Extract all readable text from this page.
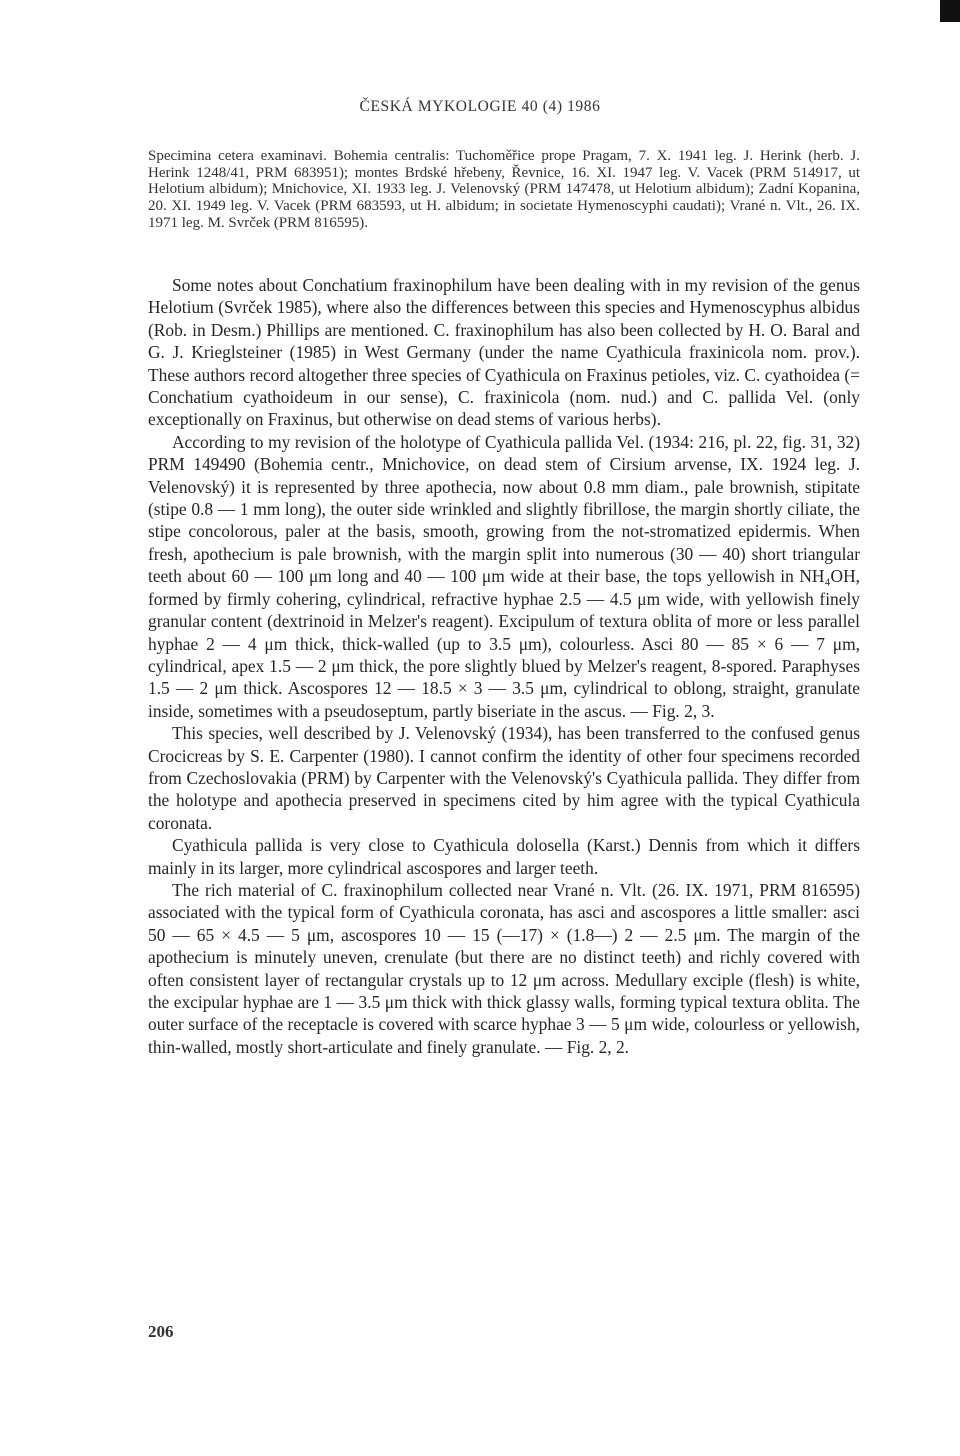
ČESKÁ MYKOLOGIE 40 (4) 1986
Specimina cetera examinavi. Bohemia centralis: Tuchoměřice prope Pragam, 7. X. 1941 leg. J. Herink (herb. J. Herink 1248/41, PRM 683951); montes Brdské hřebeny, Řevnice, 16. XI. 1947 leg. V. Vacek (PRM 514917, ut Helotium albidum); Mnichovice, XI. 1933 leg. J. Velenovský (PRM 147478, ut Helotium albidum); Zadní Kopanina, 20. XI. 1949 leg. V. Vacek (PRM 683593, ut H. albidum; in societate Hymenoscyphi caudati); Vrané n. Vlt., 26. IX. 1971 leg. M. Svrček (PRM 816595).

Some notes about Conchatium fraxinophilum have been dealing with in my revision of the genus Helotium (Svrček 1985), where also the differences between this species and Hymenoscyphus albidus (Rob. in Desm.) Phillips are mentioned. C. fraxinophilum has also been collected by H. O. Baral and G. J. Krieglsteiner (1985) in West Germany (under the name Cyathicula fraxinicola nom. prov.). These authors record altogether three species of Cyathicula on Fraxinus petioles, viz. C. cyathoidea (= Conchatium cyathoideum in our sense), C. fraxinicola (nom. nud.) and C. pallida Vel. (only exceptionally on Fraxinus, but otherwise on dead stems of various herbs).

According to my revision of the holotype of Cyathicula pallida Vel. (1934: 216, pl. 22, fig. 31, 32) PRM 149490 (Bohemia centr., Mnichovice, on dead stem of Cirsium arvense, IX. 1924 leg. J. Velenovský) it is represented by three apothecia, now about 0.8 mm diam., pale brownish, stipitate (stipe 0.8 — 1 mm long), the outer side wrinkled and slightly fibrillose, the margin shortly ciliate, the stipe concolorous, paler at the basis, smooth, growing from the not-stromatized epidermis. When fresh, apothecium is pale brownish, with the margin split into numerous (30 — 40) short triangular teeth about 60 — 100 μm long and 40 — 100 μm wide at their base, the tops yellowish in NH₄OH, formed by firmly cohering, cylindrical, refractive hyphae 2.5 — 4.5 μm wide, with yellowish finely granular content (dextrinoid in Melzer's reagent). Excipulum of textura oblita of more or less parallel hyphae 2 — 4 μm thick, thick-walled (up to 3.5 μm), colourless. Asci 80 — 85 × 6 — 7 μm, cylindrical, apex 1.5 — 2 μm thick, the pore slightly blued by Melzer's reagent, 8-spored. Paraphyses 1.5 — 2 μm thick. Ascospores 12 — 18.5 × 3 — 3.5 μm, cylindrical to oblong, straight, granulate inside, sometimes with a pseudoseptum, partly biseriate in the ascus. — Fig. 2, 3.

This species, well described by J. Velenovský (1934), has been transferred to the confused genus Crocicreas by S. E. Carpenter (1980). I cannot confirm the identity of other four specimens recorded from Czechoslovakia (PRM) by Carpenter with the Velenovský's Cyathicula pallida. They differ from the holotype and apothecia preserved in specimens cited by him agree with the typical Cyathicula coronata.

Cyathicula pallida is very close to Cyathicula dolosella (Karst.) Dennis from which it differs mainly in its larger, more cylindrical ascospores and larger teeth.

The rich material of C. fraxinophilum collected near Vrané n. Vlt. (26. IX. 1971, PRM 816595) associated with the typical form of Cyathicula coronata, has asci and ascospores a little smaller: asci 50 — 65 × 4.5 — 5 μm, ascospores 10 — 15 (—17) × (1.8—) 2 — 2.5 μm. The margin of the apothecium is minutely uneven, crenulate (but there are no distinct teeth) and richly covered with often consistent layer of rectangular crystals up to 12 μm across. Medullary exciple (flesh) is white, the excipular hyphae are 1 — 3.5 μm thick with thick glassy walls, forming typical textura oblita. The outer surface of the receptacle is covered with scarce hyphae 3 — 5 μm wide, colourless or yellowish, thin-walled, mostly short-articulate and finely granulate. — Fig. 2, 2.

206
